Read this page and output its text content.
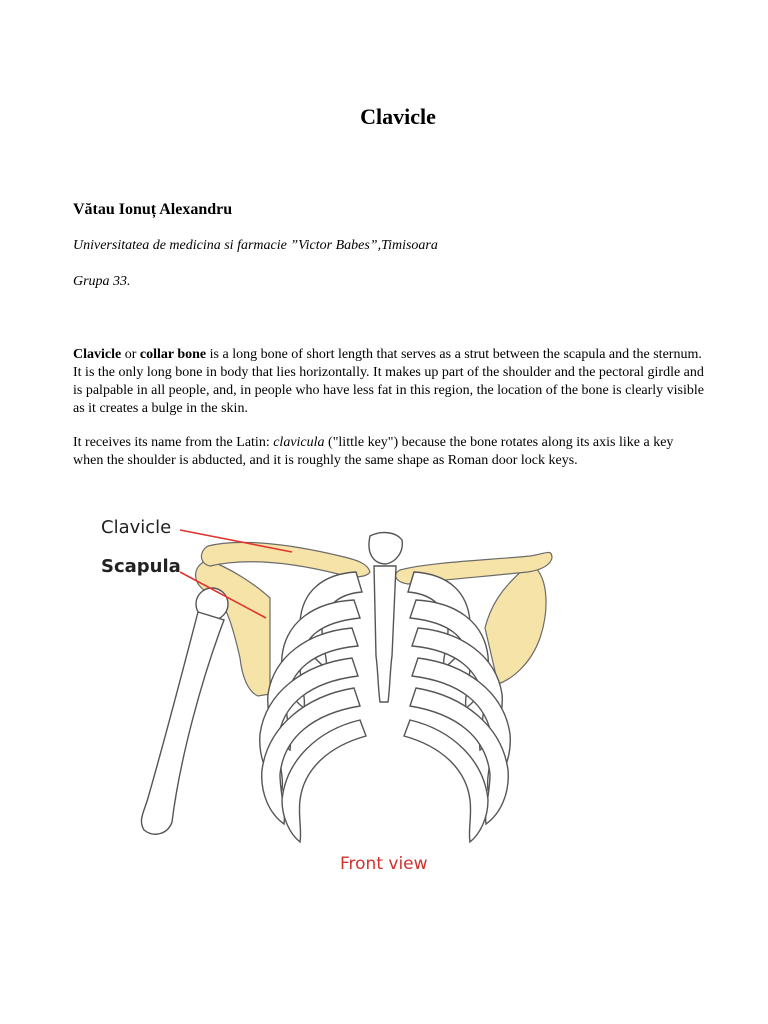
Clavicle

Vătau Ionuț Alexandru

Universitatea de medicina si farmacie ”Victor Babes”,Timisoara

Grupa 33.

Clavicle or collar bone is a long bone of short length that serves as a strut between the scapula and the sternum. It is the only long bone in body that lies horizontally. It makes up part of the shoulder and the pectoral girdle and is palpable in all people, and, in people who have less fat in this region, the location of the bone is clearly visible as it creates a bulge in the skin.

It receives its name from the Latin: clavicula ("little key") because the bone rotates along its axis like a key when the shoulder is abducted, and it is roughly the same shape as Roman door lock keys.

Clavicle
Scapula
Front view
